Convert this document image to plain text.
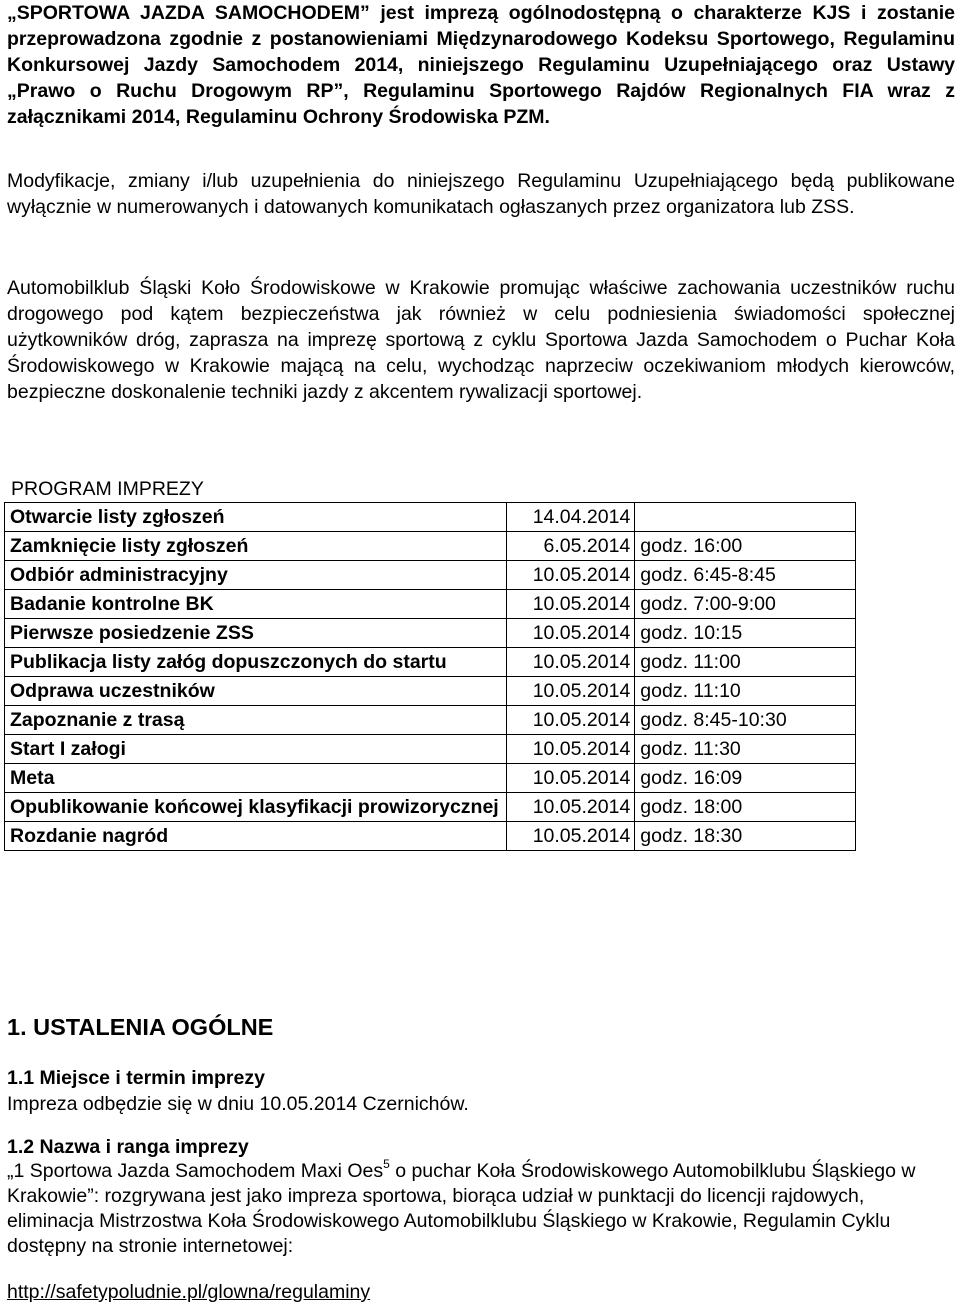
„SPORTOWA JAZDA SAMOCHODEM” jest imprezą ogólnodostępną o charakterze KJS i zostanie przeprowadzona zgodnie z postanowieniami Międzynarodowego Kodeksu Sportowego, Regulaminu Konkursowej Jazdy Samochodem 2014, niniejszego Regulaminu Uzupełniającego oraz Ustawy „Prawo o Ruchu Drogowym RP”, Regulaminu Sportowego Rajdów Regionalnych FIA wraz z załącznikami 2014, Regulaminu Ochrony Środowiska PZM.

Modyfikacje, zmiany i/lub uzupełnienia do niniejszego Regulaminu Uzupełniającego będą publikowane wyłącznie w numerowanych i datowanych komunikatach ogłaszanych przez organizatora lub ZSS.

Automobilklub Śląski Koło Środowiskowe w Krakowie promując właściwe zachowania uczestników ruchu drogowego pod kątem bezpieczeństwa jak również w celu podniesienia świadomości społecznej użytkowników dróg, zaprasza na imprezę sportową z cyklu Sportowa Jazda Samochodem o Puchar Koła Środowiskowego w Krakowie mającą na celu, wychodząc naprzeciw oczekiwaniom młodych kierowców, bezpieczne doskonalenie techniki jazdy z akcentem rywalizacji sportowej.

PROGRAM IMPREZY
Otwarcie listy zgłoszeń	14.04.2014	
Zamknięcie listy zgłoszeń	6.05.2014	godz. 16:00
Odbiór administracyjny	10.05.2014	godz. 6:45-8:45
Badanie kontrolne BK	10.05.2014	godz. 7:00-9:00
Pierwsze posiedzenie ZSS	10.05.2014	godz. 10:15
Publikacja listy załóg dopuszczonych do startu	10.05.2014	godz. 11:00
Odprawa uczestników	10.05.2014	godz. 11:10
Zapoznanie z trasą	10.05.2014	godz. 8:45-10:30
Start I załogi	10.05.2014	godz. 11:30
Meta	10.05.2014	godz. 16:09
Opublikowanie końcowej klasyfikacji prowizorycznej	10.05.2014	godz. 18:00
Rozdanie nagród	10.05.2014	godz. 18:30
1. USTALENIA OGÓLNE

1.1 Miejsce i termin imprezy

Impreza odbędzie się w dniu 10.05.2014 Czernichów.

1.2 Nazwa i ranga imprezy

„1 Sportowa Jazda Samochodem Maxi Oes$^5$ o puchar Koła Środowiskowego Automobilklubu Śląskiego w Krakowie”: rozgrywana jest jako impreza sportowa, biorąca udział w punktacji do licencji rajdowych, eliminacja Mistrzostwa Koła Środowiskowego Automobilklubu Śląskiego w Krakowie, Regulamin Cyklu dostępny na stronie internetowej:

http://safetypoludnie.pl/glowna/regulaminy
